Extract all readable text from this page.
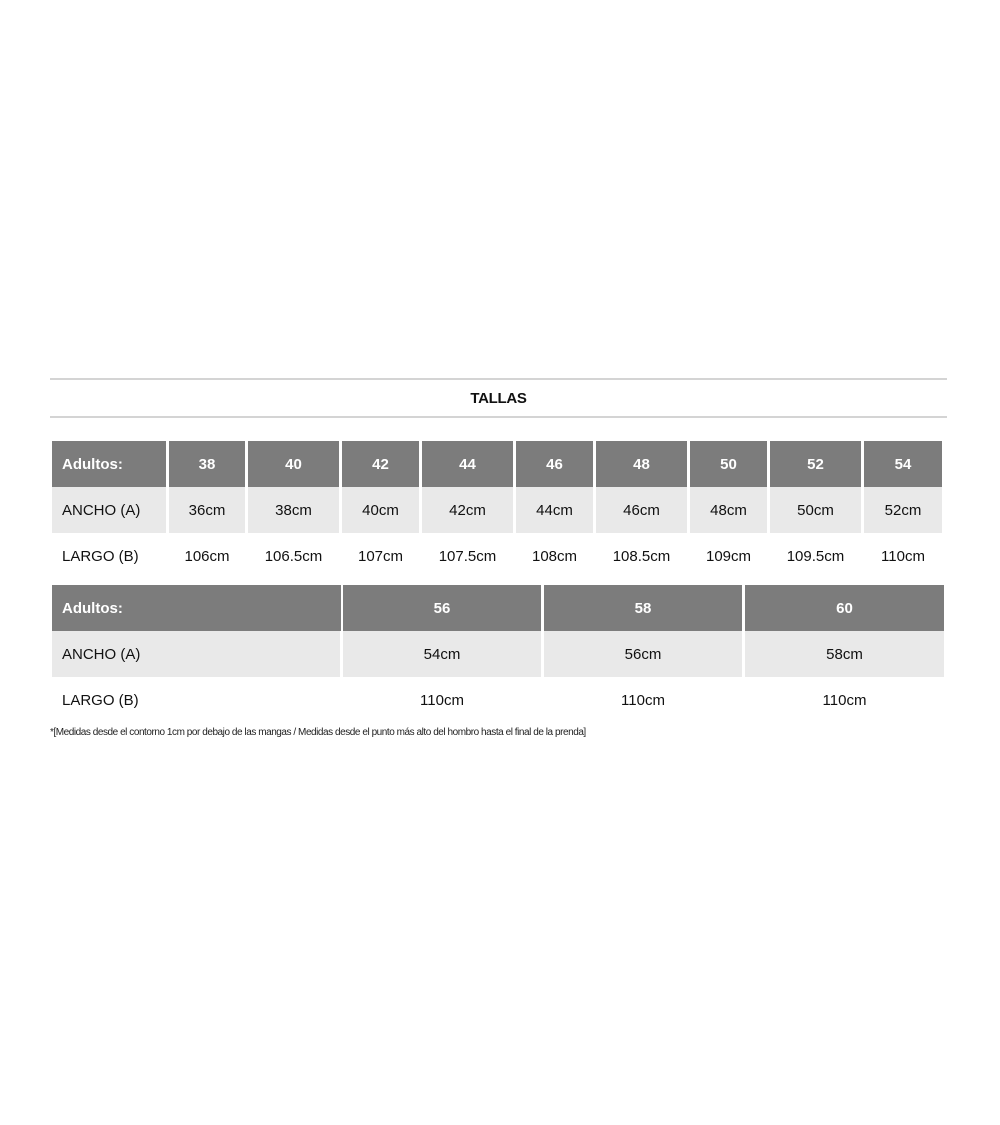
TALLAS
Adultos:	38	40	42	44	46	48	50	52	54
ANCHO (A)	36cm	38cm	40cm	42cm	44cm	46cm	48cm	50cm	52cm
LARGO (B)	106cm	106.5cm	107cm	107.5cm	108cm	108.5cm	109cm	109.5cm	110cm
Adultos:	56	58	60
ANCHO (A)	54cm	56cm	58cm
LARGO (B)	110cm	110cm	110cm
*[Medidas desde el contorno 1cm por debajo de las mangas / Medidas desde el punto más alto del hombro hasta el final de la prenda]
